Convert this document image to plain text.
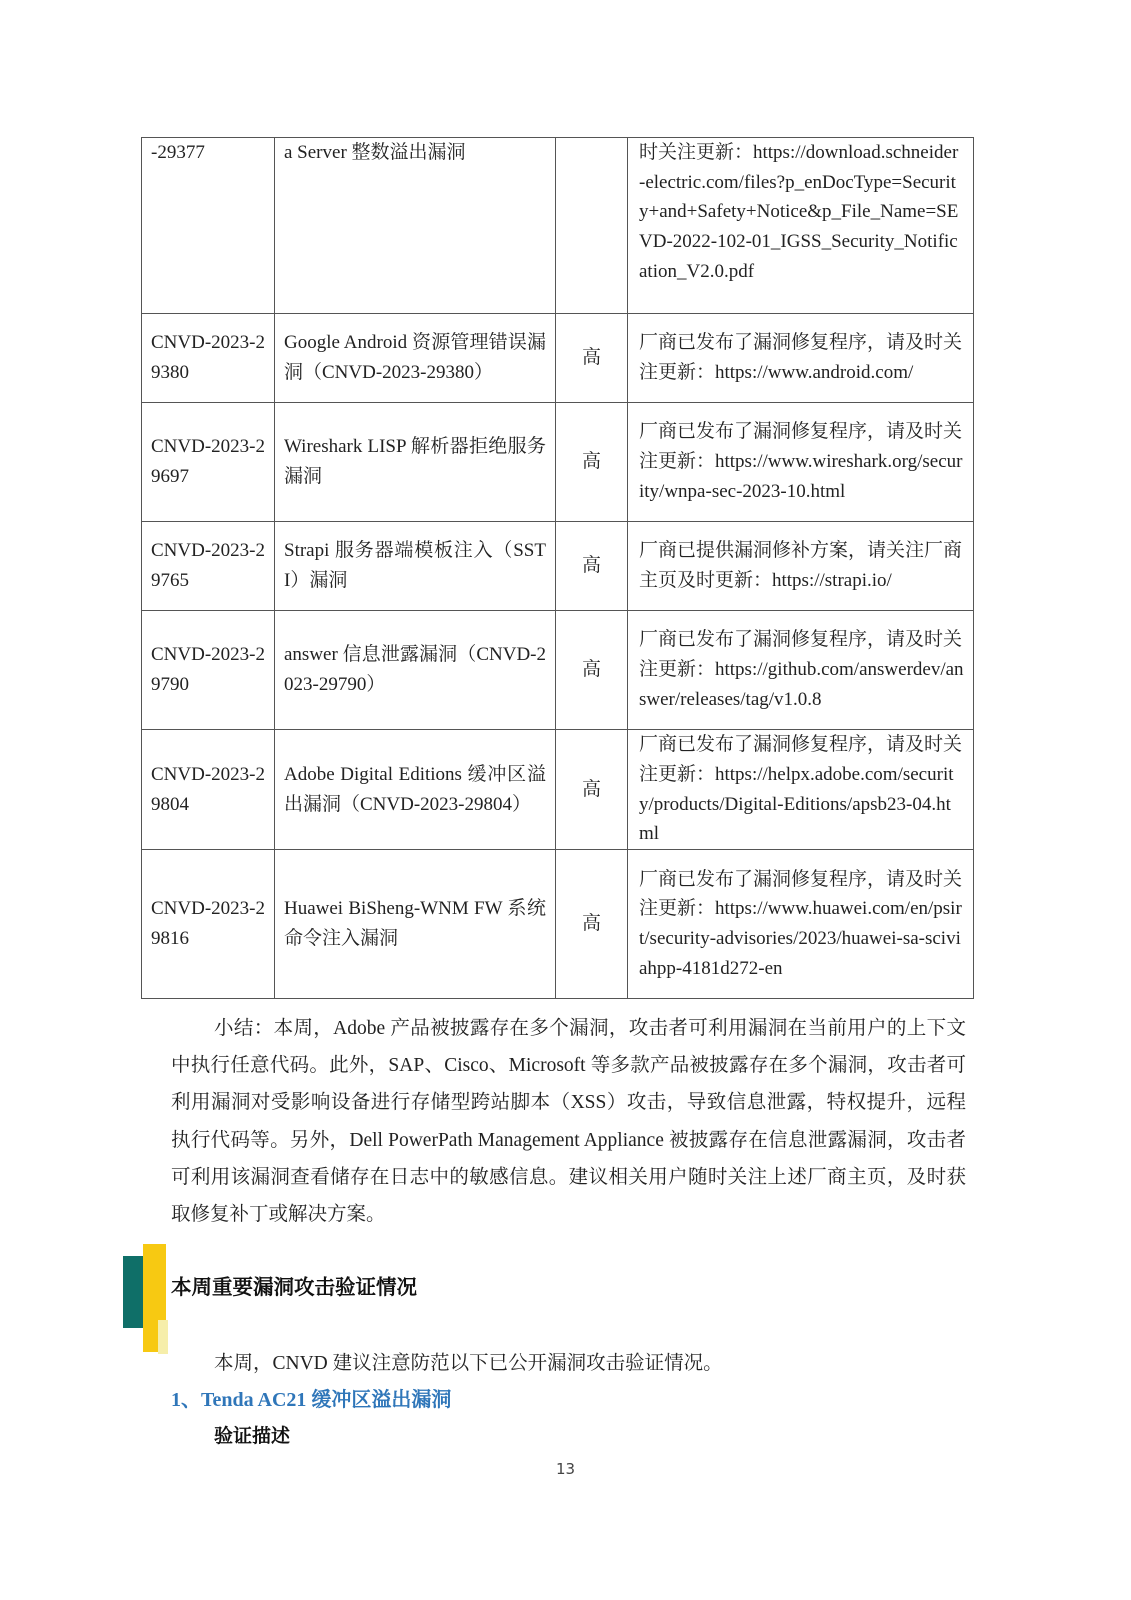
-29377	a Server 整数溢出漏洞		时关注更新：https://download.schneider-electric.com/files?p_enDocType=Security+and+Safety+Notice&p_File_Name=SEVD-2022-102-01_IGSS_Security_Notification_V2.0.pdf
CNVD-2023-29380	Google Android 资源管理错误漏洞（CNVD-2023-29380）	高	厂商已发布了漏洞修复程序，请及时关注更新：https://www.android.com/
CNVD-2023-29697	Wireshark LISP 解析器拒绝服务漏洞	高	厂商已发布了漏洞修复程序，请及时关注更新：https://www.wireshark.org/security/wnpa-sec-2023-10.html
CNVD-2023-29765	Strapi 服务器端模板注入（SSTI）漏洞	高	厂商已提供漏洞修补方案，请关注厂商主页及时更新：https://strapi.io/
CNVD-2023-29790	answer 信息泄露漏洞（CNVD-2023-29790）	高	厂商已发布了漏洞修复程序，请及时关注更新：https://github.com/answerdev/answer/releases/tag/v1.0.8
CNVD-2023-29804	Adobe Digital Editions 缓冲区溢出漏洞（CNVD-2023-29804）	高	厂商已发布了漏洞修复程序，请及时关注更新：https://helpx.adobe.com/security/products/Digital-Editions/apsb23-04.html
CNVD-2023-29816	Huawei BiSheng-WNM FW 系统命令注入漏洞	高	厂商已发布了漏洞修复程序，请及时关注更新：https://www.huawei.com/en/psirt/security-advisories/2023/huawei-sa-scivi ahpp-4181d272-en

小结：本周，Adobe 产品被披露存在多个漏洞，攻击者可利用漏洞在当前用户的上下文中执行任意代码。此外，SAP、Cisco、Microsoft 等多款产品被披露存在多个漏洞，攻击者可利用漏洞对受影响设备进行存储型跨站脚本（XSS）攻击，导致信息泄露，特权提升，远程执行代码等。另外，Dell PowerPath Management Appliance 被披露存在信息泄露漏洞，攻击者可利用该漏洞查看储存在日志中的敏感信息。建议相关用户随时关注上述厂商主页，及时获取修复补丁或解决方案。

本周重要漏洞攻击验证情况

本周，CNVD 建议注意防范以下已公开漏洞攻击验证情况。

1、Tenda AC21 缓冲区溢出漏洞

验证描述

13
